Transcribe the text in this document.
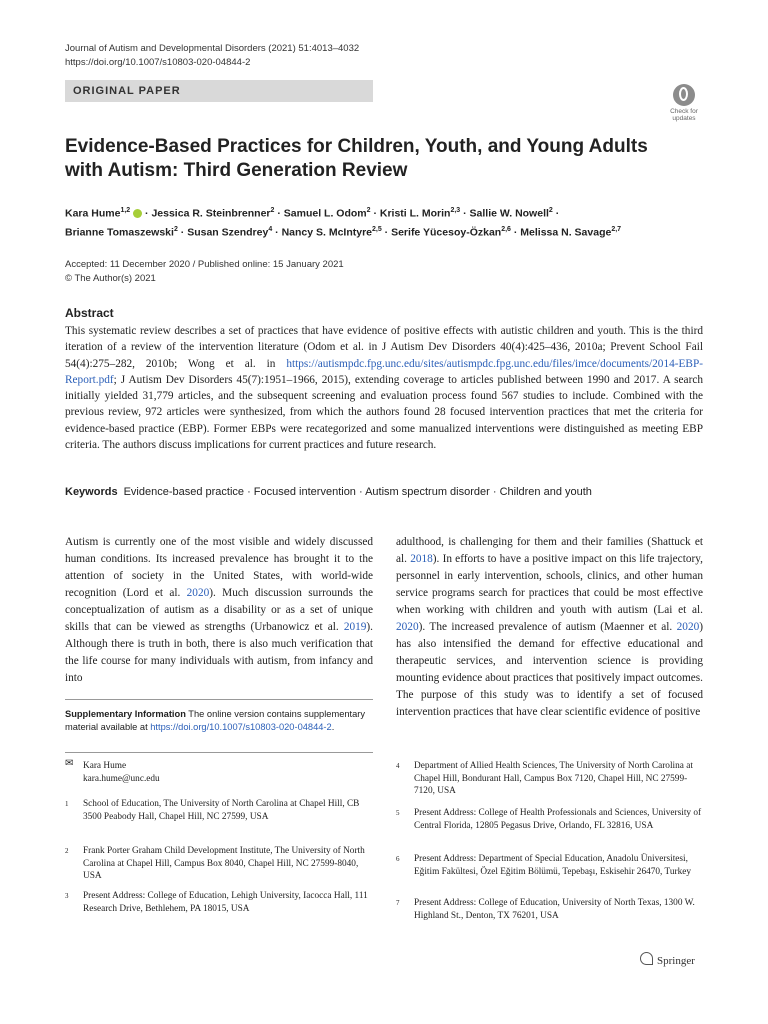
Journal of Autism and Developmental Disorders (2021) 51:4013–4032
https://doi.org/10.1007/s10803-020-04844-2
ORIGINAL PAPER
Check for
updates
Evidence-Based Practices for Children, Youth, and Young Adults
with Autism: Third Generation Review
Kara Hume$^{1,2}$  · Jessica R. Steinbrenner$^2$ · Samuel L. Odom$^2$ · Kristi L. Morin$^{2,3}$ · Sallie W. Nowell$^2$ ·
Brianne Tomaszewski$^2$ · Susan Szendrey$^4$ · Nancy S. McIntyre$^{2,5}$ · Serife Yücesoy-Özkan$^{2,6}$ · Melissa N. Savage$^{2,7}$
Accepted: 11 December 2020 / Published online: 15 January 2021
© The Author(s) 2021
Abstract
This systematic review describes a set of practices that have evidence of positive effects with autistic children and youth. This is the third iteration of a review of the intervention literature (Odom et al. in J Autism Dev Disorders 40(4):425–436, 2010a; Prevent School Fail 54(4):275–282, 2010b; Wong et al. in https://autismpdc.fpg.unc.edu/sites/autismpdc.fpg.unc.edu/files/imce/documents/2014-EBP-Report.pdf; J Autism Dev Disorders 45(7):1951–1966, 2015), extending coverage to articles published between 1990 and 2017. A search initially yielded 31,779 articles, and the subsequent screening and evaluation process found 567 studies to include. Combined with the previous review, 972 articles were synthesized, from which the authors found 28 focused intervention practices that met the criteria for evidence-based practice (EBP). Former EBPs were recategorized and some manualized interventions were distinguished as meeting EBP criteria. The authors discuss implications for current practices and future research.
Keywords Evidence-based practice · Focused intervention · Autism spectrum disorder · Children and youth
Autism is currently one of the most visible and widely discussed human conditions. Its increased prevalence has brought it to the attention of society in the United States, with world-wide recognition (Lord et al. 2020). Much discussion surrounds the conceptualization of autism as a disability or as a set of unique skills that can be viewed as strengths (Urbanowicz et al. 2019). Although there is truth in both, there is also much verification that the life course for many individuals with autism, from infancy and into
adulthood, is challenging for them and their families (Shattuck et al. 2018). In efforts to have a positive impact on this life trajectory, personnel in early intervention, schools, clinics, and other human service programs search for practices that could be most effective when working with children and youth with autism (Lai et al. 2020). The increased prevalence of autism (Maenner et al. 2020) has also intensified the demand for effective educational and therapeutic services, and intervention science is providing mounting evidence about practices that positively impact outcomes. The purpose of this study was to identify a set of focused intervention practices that have clear scientific evidence of positive
Supplementary Information The online version contains supplementary material available at https://doi.org/10.1007/s10803-020-04844-2.
✉ Kara Hume
kara.hume@unc.edu
1 School of Education, The University of North Carolina at Chapel Hill, CB 3500 Peabody Hall, Chapel Hill, NC 27599, USA
2 Frank Porter Graham Child Development Institute, The University of North Carolina at Chapel Hill, Campus Box 8040, Chapel Hill, NC 27599-8040, USA
3 Present Address: College of Education, Lehigh University, Iacocca Hall, 111 Research Drive, Bethlehem, PA 18015, USA
4 Department of Allied Health Sciences, The University of North Carolina at Chapel Hill, Bondurant Hall, Campus Box 7120, Chapel Hill, NC 27599-7120, USA
5 Present Address: College of Health Professionals and Sciences, University of Central Florida, 12805 Pegasus Drive, Orlando, FL 32816, USA
6 Present Address: Department of Special Education, Anadolu Üniversitesi, Eğitim Fakültesi, Özel Eğitim Bölümü, Tepebaşı, Eskisehir 26470, Turkey
7 Present Address: College of Education, University of North Texas, 1300 W. Highland St., Denton, TX 76201, USA
Springer
